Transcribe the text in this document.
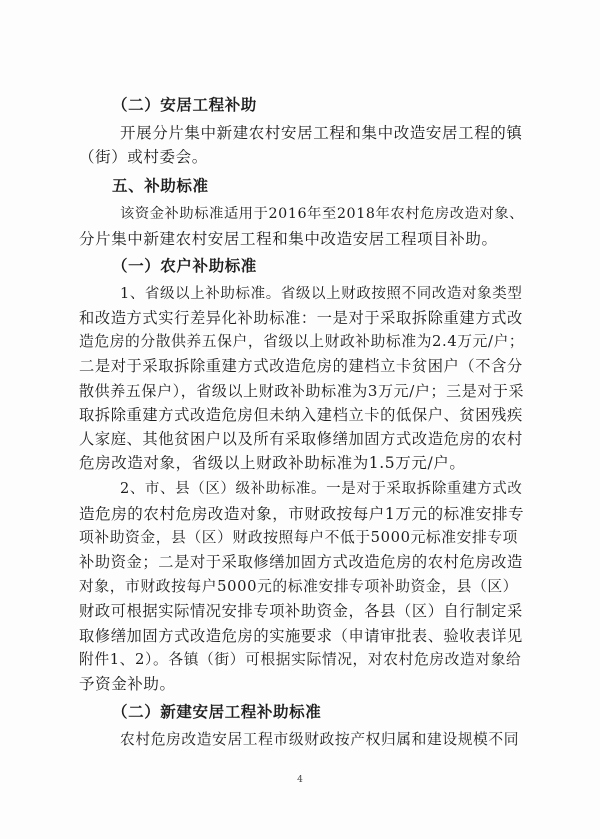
（二）安居工程补助
开展分片集中新建农村安居工程和集中改造安居工程的镇
（街）或村委会。
五、补助标准
该资金补助标准适用于2016年至2018年农村危房改造对象、
分片集中新建农村安居工程和集中改造安居工程项目补助。
（一）农户补助标准
1、省级以上补助标准。省级以上财政按照不同改造对象类型
和改造方式实行差异化补助标准：一是对于采取拆除重建方式改
造危房的分散供养五保户，省级以上财政补助标准为2.4万元/户；
二是对于采取拆除重建方式改造危房的建档立卡贫困户（不含分
散供养五保户），省级以上财政补助标准为3万元/户；三是对于采
取拆除重建方式改造危房但未纳入建档立卡的低保户、贫困残疾
人家庭、其他贫困户以及所有采取修缮加固方式改造危房的农村
危房改造对象，省级以上财政补助标准为1.5万元/户。
2、市、县（区）级补助标准。一是对于采取拆除重建方式改
造危房的农村危房改造对象，市财政按每户1万元的标准安排专
项补助资金，县（区）财政按照每户不低于5000元标准安排专项
补助资金；二是对于采取修缮加固方式改造危房的农村危房改造
对象，市财政按每户5000元的标准安排专项补助资金，县（区）
财政可根据实际情况安排专项补助资金，各县（区）自行制定采
取修缮加固方式改造危房的实施要求（申请审批表、验收表详见
附件1、2）。各镇（街）可根据实际情况，对农村危房改造对象给
予资金补助。
（二）新建安居工程补助标准
农村危房改造安居工程市级财政按产权归属和建设规模不同
4
